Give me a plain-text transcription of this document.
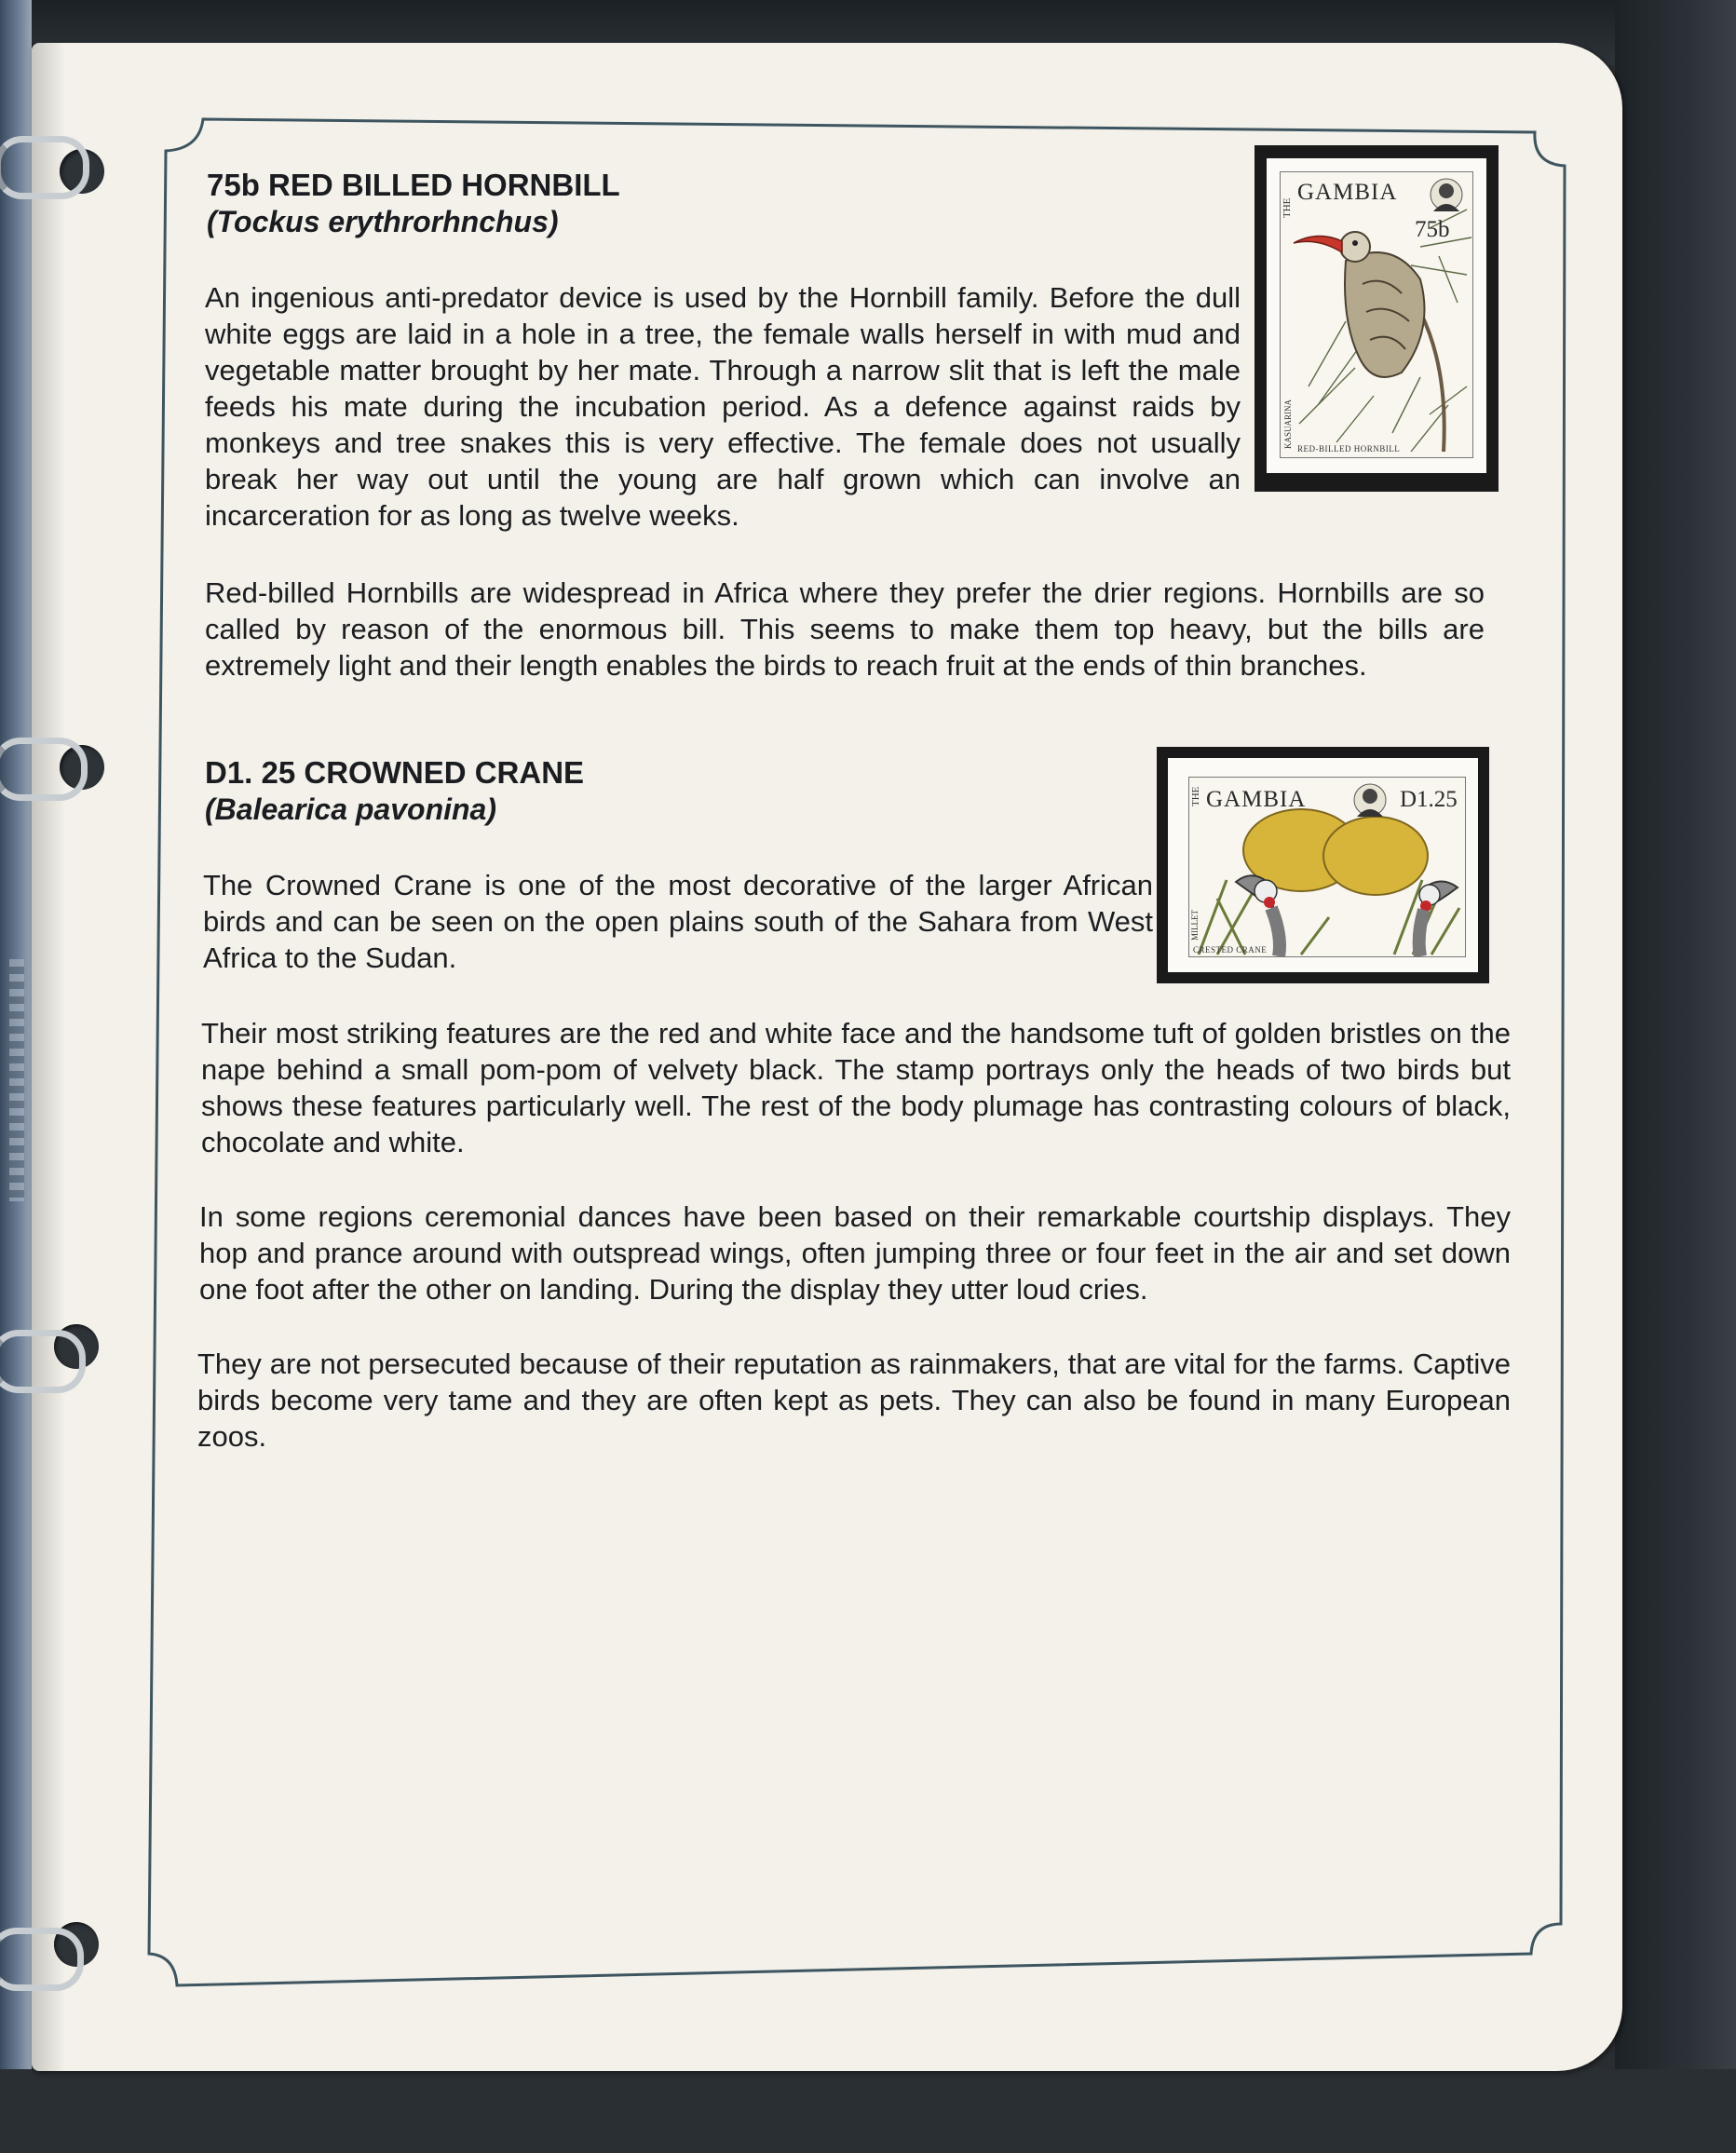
75b RED BILLED HORNBILL
(Tockus erythrorhnchus)

An ingenious anti-predator device is used by the Hornbill family. Before the dull white eggs are laid in a hole in a tree, the female walls herself in with mud and vegetable matter brought by her mate. Through a narrow slit that is left the male feeds his mate during the incubation period. As a defence against raids by monkeys and tree snakes this is very effective. The female does not usually break her way out until the young are half grown which can involve an incarceration for as long as twelve weeks.

Red-billed Hornbills are widespread in Africa where they prefer the drier regions. Hornbills are so called by reason of the enormous bill. This seems to make them top heavy, but the bills are extremely light and their length enables the birds to reach fruit at the ends of thin branches.

GAMBIA
75b
RED-BILLED HORNBILL
THE
KASUARINA
D1. 25 CROWNED CRANE
(Balearica pavonina)

The Crowned Crane is one of the most decorative of the larger African birds and can be seen on the open plains south of the Sahara from West Africa to the Sudan.

Their most striking features are the red and white face and the handsome tuft of golden bristles on the nape behind a small pom-pom of velvety black. The stamp portrays only the heads of two birds but shows these features particularly well. The rest of the body plumage has contrasting colours of black, chocolate and white.

In some regions ceremonial dances have been based on their remarkable courtship displays. They hop and prance around with outspread wings, often jumping three or four feet in the air and set down one foot after the other on landing. During the display they utter loud cries.

They are not persecuted because of their reputation as rainmakers, that are vital for the farms. Captive birds become very tame and they are often kept as pets. They can also be found in many European zoos.

GAMBIA	D1.25
CRESTED CRANE
THE
MILLET
